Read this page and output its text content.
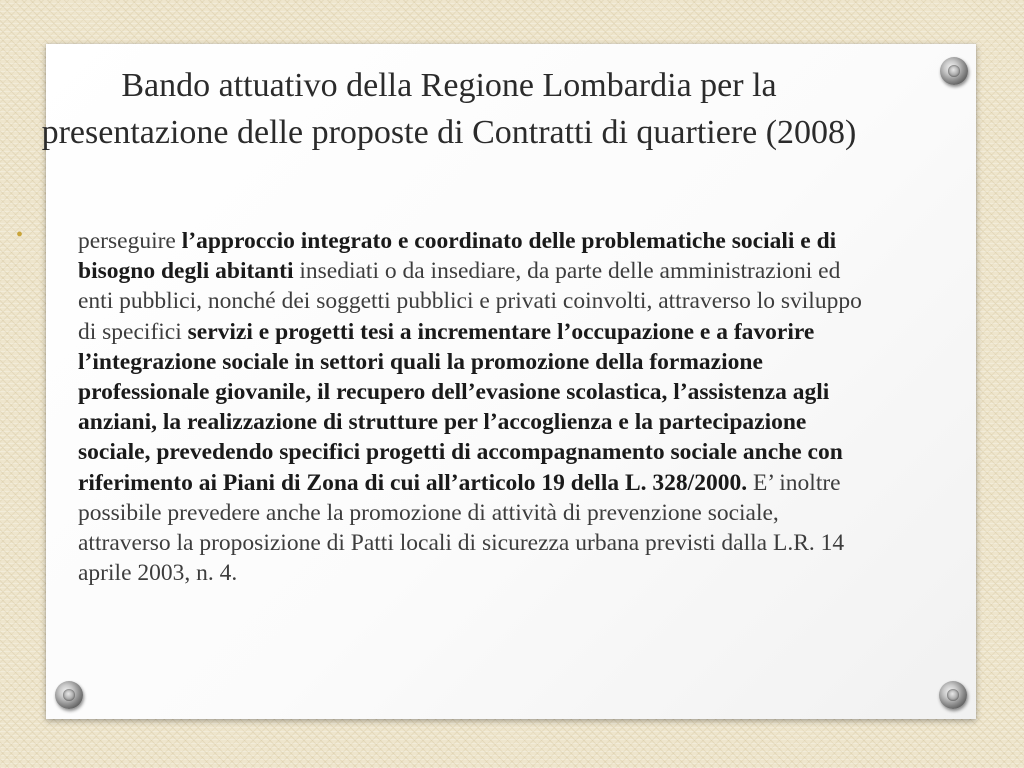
Bando attuativo della Regione Lombardia per la presentazione delle proposte di Contratti di quartiere (2008)
• perseguire l’approccio integrato e coordinato delle problematiche sociali e di bisogno degli abitanti insediati o da insediare, da parte delle amministrazioni ed enti pubblici, nonché dei soggetti pubblici e privati coinvolti, attraverso lo sviluppo di specifici servizi e progetti tesi a incrementare l’occupazione e a favorire l’integrazione sociale in settori quali la promozione della formazione professionale giovanile, il recupero dell’evasione scolastica, l’assistenza agli anziani, la realizzazione di strutture per l’accoglienza e la partecipazione sociale, prevedendo specifici progetti di accompagnamento sociale anche con riferimento ai Piani di Zona di cui all’articolo 19 della L. 328/2000. E’ inoltre possibile prevedere anche la promozione di attività di prevenzione sociale, attraverso la proposizione di Patti locali di sicurezza urbana previsti dalla L.R. 14 aprile 2003, n. 4.
